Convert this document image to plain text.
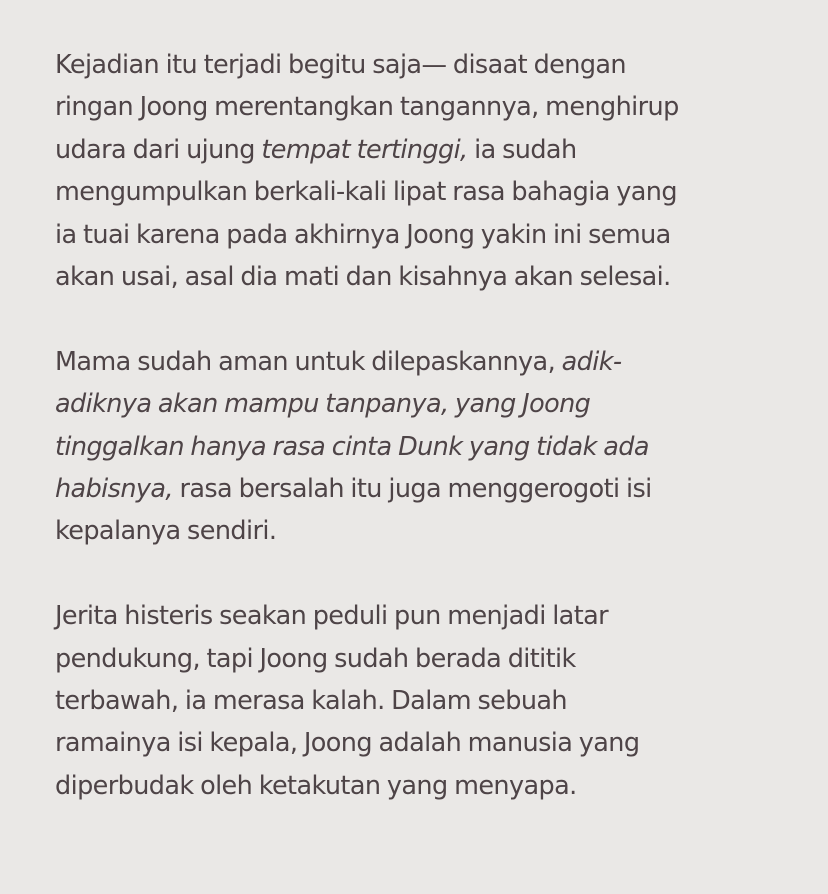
Kejadian itu terjadi begitu saja— disaat dengan
ringan Joong merentangkan tangannya, menghirup
udara dari ujung tempat tertinggi, ia sudah
mengumpulkan berkali-kali lipat rasa bahagia yang
ia tuai karena pada akhirnya Joong yakin ini semua
akan usai, asal dia mati dan kisahnya akan selesai.

Mama sudah aman untuk dilepaskannya, adik-
adiknya akan mampu tanpanya, yang Joong
tinggalkan hanya rasa cinta Dunk yang tidak ada
habisnya, rasa bersalah itu juga menggerogoti isi
kepalanya sendiri.

Jerita histeris seakan peduli pun menjadi latar
pendukung, tapi Joong sudah berada dititik
terbawah, ia merasa kalah. Dalam sebuah
ramainya isi kepala, Joong adalah manusia yang
diperbudak oleh ketakutan yang menyapa.
